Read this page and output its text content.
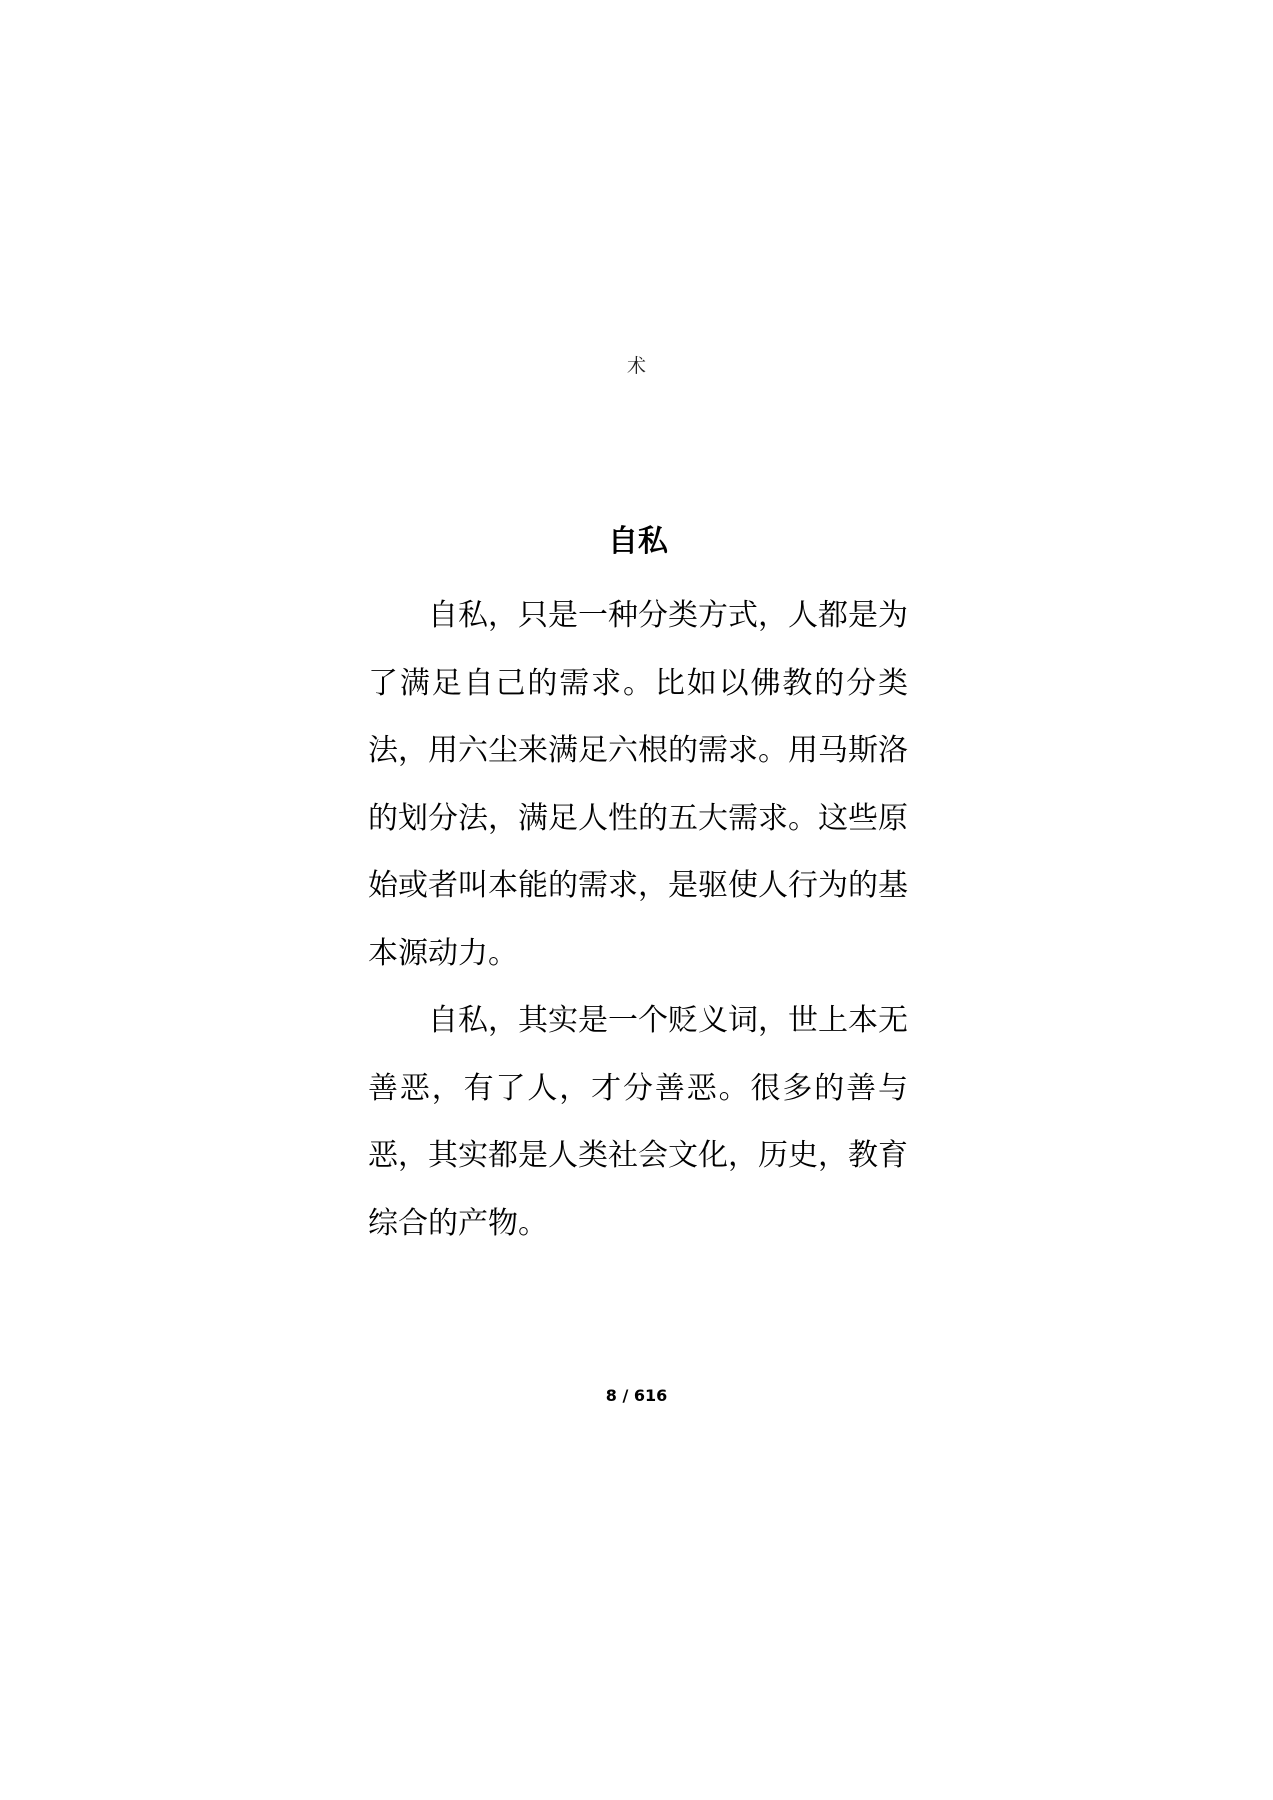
术
自私

自私，只是一种分类方式，人都是为了满足自己的需求。比如以佛教的分类法，用六尘来满足六根的需求。用马斯洛的划分法，满足人性的五大需求。这些原始或者叫本能的需求，是驱使人行为的基本源动力。

自私，其实是一个贬义词，世上本无善恶，有了人，才分善恶。很多的善与恶，其实都是人类社会文化，历史，教育综合的产物。

8 / 616
